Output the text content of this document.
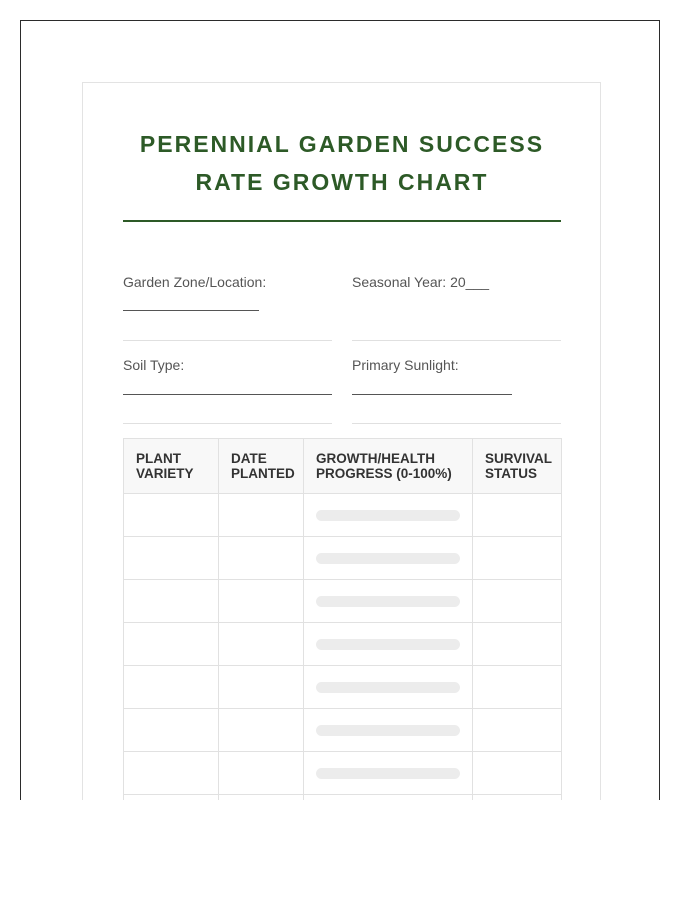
PERENNIAL GARDEN SUCCESS RATE GROWTH CHART
Garden Zone/Location:	Seasonal Year: 20___
Soil Type:	Primary Sunlight:
PLANT VARIETY	DATE PLANTED	GROWTH/HEALTH PROGRESS (0-100%)	SURVIVAL STATUS
